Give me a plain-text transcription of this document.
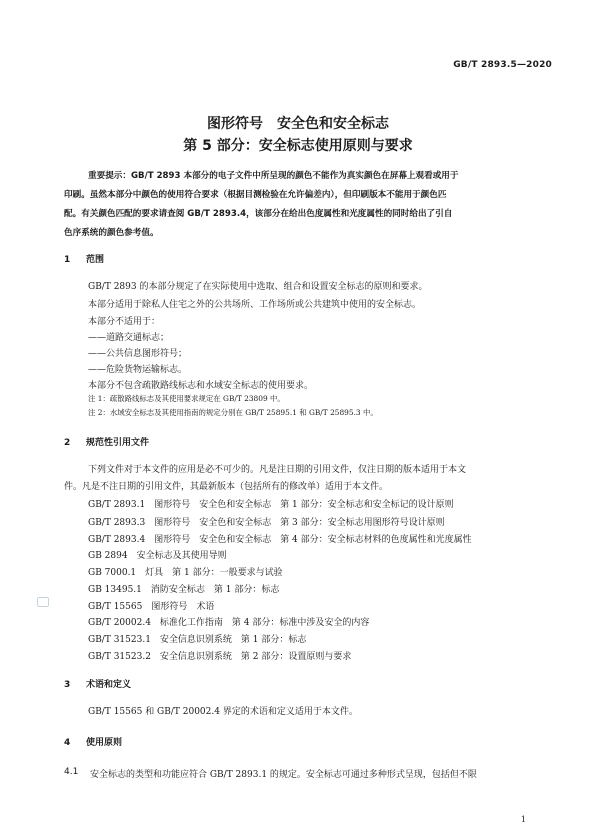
GB/T 2893.5—2020
图形符号　安全色和安全标志
第 5 部分：安全标志使用原则与要求

重要提示：GB/T 2893 本部分的电子文件中所呈现的颜色不能作为真实颜色在屏幕上观看或用于

印刷。虽然本部分中颜色的使用符合要求（根据目测检验在允许偏差内），但印刷版本不能用于颜色匹

配。有关颜色匹配的要求请查阅 GB/T 2893.4，该部分在给出色度属性和光度属性的同时给出了引自

色序系统的颜色参考值。

1 范围
GB/T 2893 的本部分规定了在实际使用中选取、组合和设置安全标志的原则和要求。
本部分适用于除私人住宅之外的公共场所、工作场所或公共建筑中使用的安全标志。
本部分不适用于：
——道路交通标志；
——公共信息图形符号；
——危险货物运输标志。
本部分不包含疏散路线标志和水域安全标志的使用要求。
注 1：疏散路线标志及其使用要求规定在 GB/T 23809 中。
注 2：水域安全标志及其使用指南的规定分别在 GB/T 25895.1 和 GB/T 25895.3 中。
2 规范性引用文件

下列文件对于本文件的应用是必不可少的。凡是注日期的引用文件，仅注日期的版本适用于本文

件。凡是不注日期的引用文件，其最新版本（包括所有的修改单）适用于本文件。

GB/T 2893.1　图形符号　安全色和安全标志　第 1 部分：安全标志和安全标记的设计原则
GB/T 2893.3　图形符号　安全色和安全标志　第 3 部分：安全标志用图形符号设计原则
GB/T 2893.4　图形符号　安全色和安全标志　第 4 部分：安全标志材料的色度属性和光度属性
GB 2894　安全标志及其使用导则
GB 7000.1　灯具　第 1 部分：一般要求与试验
GB 13495.1　消防安全标志　第 1 部分：标志
GB/T 15565　图形符号　术语
GB/T 20002.4　标准化工作指南　第 4 部分：标准中涉及安全的内容
GB/T 31523.1　安全信息识别系统　第 1 部分：标志
GB/T 31523.2　安全信息识别系统　第 2 部分：设置原则与要求
3 术语和定义
GB/T 15565 和 GB/T 20002.4 界定的术语和定义适用于本文件。
4 使用原则
4.1	安全标志的类型和功能应符合 GB/T 2893.1 的规定。安全标志可通过多种形式呈现，包括但不限
1
